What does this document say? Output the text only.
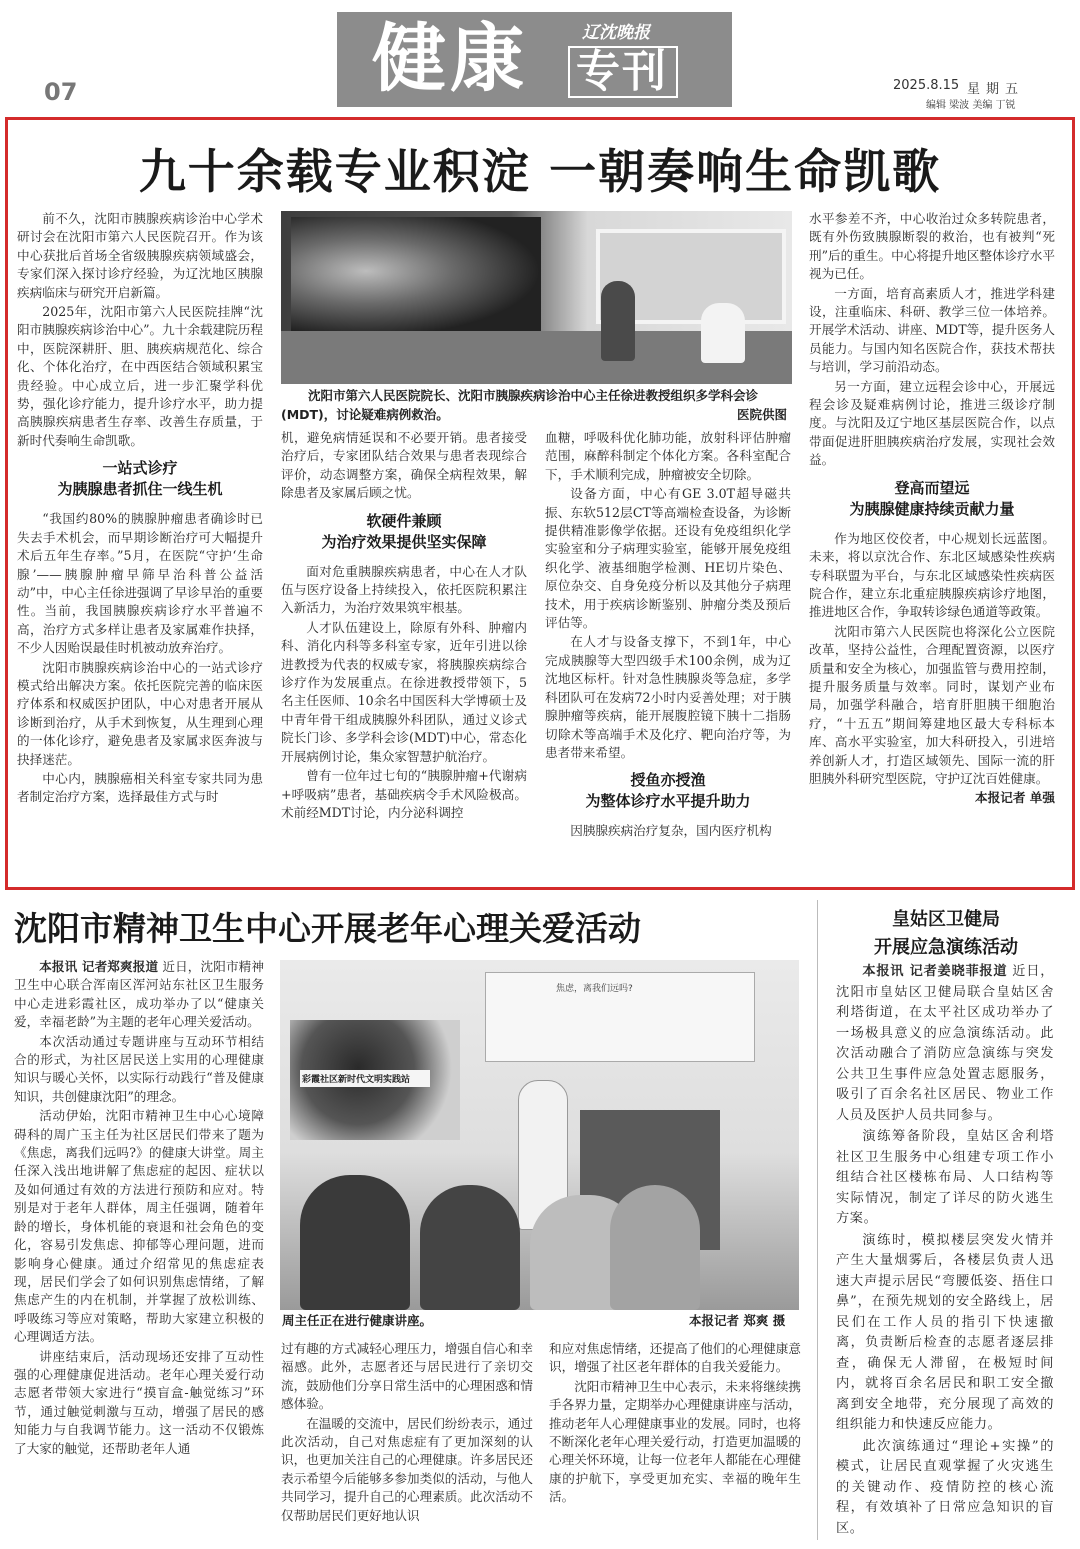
健康	辽沈晚报
专刊
07	2025.8.15 星期五
编辑 梁波 美编 丁锐
九十余载专业积淀 一朝奏响生命凯歌

前不久，沈阳市胰腺疾病诊治中心学术研讨会在沈阳市第六人民医院召开。作为该中心获批后首场全省级胰腺疾病领域盛会，专家们深入探讨诊疗经验，为辽沈地区胰腺疾病临床与研究开启新篇。

2025年，沈阳市第六人民医院挂牌“沈阳市胰腺疾病诊治中心”。九十余载建院历程中，医院深耕肝、胆、胰疾病规范化、综合化、个体化治疗，在中西医结合领域积累宝贵经验。中心成立后，进一步汇聚学科优势，强化诊疗能力，提升诊疗水平，助力提高胰腺疾病患者生存率、改善生存质量，于新时代奏响生命凯歌。

一站式诊疗
为胰腺患者抓住一线生机

“我国约80%的胰腺肿瘤患者确诊时已失去手术机会，而早期诊断治疗可大幅提升术后五年生存率。”5月，在医院“守护‘生命腺’——胰腺肿瘤早筛早治科普公益活动”中，中心主任徐进强调了早诊早治的重要性。当前，我国胰腺疾病诊疗水平普遍不高，治疗方式多样让患者及家属难作抉择，不少人因贻误最佳时机被动放弃治疗。

沈阳市胰腺疾病诊治中心的一站式诊疗模式给出解决方案。依托医院完善的临床医疗体系和权威医护团队，中心对患者开展从诊断到治疗，从手术到恢复，从生理到心理的一体化诊疗，避免患者及家属求医奔波与抉择迷茫。

中心内，胰腺癌相关科室专家共同为患者制定治疗方案，选择最佳方式与时

沈阳市第六人民医院院长、沈阳市胰腺疾病诊治中心主任徐进教授组织多学科会诊(MDT)，讨论疑难病例救治。	医院供图

机，避免病情延误和不必要开销。患者接受治疗后，专家团队结合效果与患者表现综合评价，动态调整方案，确保全病程效果，解除患者及家属后顾之忧。

软硬件兼顾
为治疗效果提供坚实保障

面对危重胰腺疾病患者，中心在人才队伍与医疗设备上持续投入，依托医院积累注入新活力，为治疗效果筑牢根基。

人才队伍建设上，除原有外科、肿瘤内科、消化内科等多科室专家，近年引进以徐进教授为代表的权威专家，将胰腺疾病综合诊疗作为发展重点。在徐进教授带领下，5名主任医师、10余名中国医科大学博硕士及中青年骨干组成胰腺外科团队，通过义诊式院长门诊、多学科会诊(MDT)中心，常态化开展病例讨论，集众家智慧护航治疗。

曾有一位年过七旬的“胰腺肿瘤+代谢病+呼吸病”患者，基础疾病令手术风险极高。术前经MDT讨论，内分泌科调控

血糖，呼吸科优化肺功能，放射科评估肿瘤范围，麻醉科制定个体化方案。各科室配合下，手术顺利完成，肿瘤被安全切除。

设备方面，中心有GE 3.0T超导磁共振、东软512层CT等高端检查设备，为诊断提供精准影像学依据。还设有免疫组织化学实验室和分子病理实验室，能够开展免疫组织化学、液基细胞学检测、HE切片染色、原位杂交、自身免疫分析以及其他分子病理技术，用于疾病诊断鉴别、肿瘤分类及预后评估等。

在人才与设备支撑下，不到1年，中心完成胰腺等大型四级手术100余例，成为辽沈地区标杆。针对急性胰腺炎等急症，多学科团队可在发病72小时内妥善处理；对于胰腺肿瘤等疾病，能开展腹腔镜下胰十二指肠切除术等高端手术及化疗、靶向治疗等，为患者带来希望。

授鱼亦授渔
为整体诊疗水平提升助力

因胰腺疾病治疗复杂，国内医疗机构

水平参差不齐，中心收治过众多转院患者，既有外伤致胰腺断裂的救治，也有被判“死刑”后的重生。中心将提升地区整体诊疗水平视为已任。

一方面，培育高素质人才，推进学科建设，注重临床、科研、教学三位一体培养。开展学术活动、讲座、MDT等，提升医务人员能力。与国内知名医院合作，获技术帮扶与培训，学习前沿动态。

另一方面，建立远程会诊中心，开展远程会诊及疑难病例讨论，推进三级诊疗制度。与沈阳及辽宁地区基层医院合作，以点带面促进肝胆胰疾病治疗发展，实现社会效益。

登高而望远
为胰腺健康持续贡献力量

作为地区佼佼者，中心规划长远蓝图。未来，将以京沈合作、东北区域感染性疾病专科联盟为平台，与东北区域感染性疾病医院合作，建立东北重症胰腺疾病诊疗地图，推进地区合作，争取转诊绿色通道等政策。

沈阳市第六人民医院也将深化公立医院改革，坚持公益性，合理配置资源，以医疗质量和安全为核心，加强监管与费用控制，提升服务质量与效率。同时，谋划产业布局，加强学科融合，培育肝胆胰干细胞治疗，“十五五”期间筹建地区最大专科标本库、高水平实验室，加大科研投入，引进培养创新人才，打造区域领先、国际一流的肝胆胰外科研究型医院，守护辽沈百姓健康。

本报记者 单强
沈阳市精神卫生中心开展老年心理关爱活动

本报讯 记者郑爽报道 近日，沈阳市精神卫生中心联合浑南区浑河站东社区卫生服务中心走进彩霞社区，成功举办了以“健康关爱，幸福老龄”为主题的老年心理关爱活动。

本次活动通过专题讲座与互动环节相结合的形式，为社区居民送上实用的心理健康知识与暖心关怀，以实际行动践行“普及健康知识，共创健康沈阳”的理念。

活动伊始，沈阳市精神卫生中心心境障碍科的周广玉主任为社区居民们带来了题为《焦虑，离我们远吗?》的健康大讲堂。周主任深入浅出地讲解了焦虑症的起因、症状以及如何通过有效的方法进行预防和应对。特别是对于老年人群体，周主任强调，随着年龄的增长，身体机能的衰退和社会角色的变化，容易引发焦虑、抑郁等心理问题，进而影响身心健康。通过介绍常见的焦虑症表现，居民们学会了如何识别焦虑情绪，了解焦虑产生的内在机制，并掌握了放松训练、呼吸练习等应对策略，帮助大家建立积极的心理调适方法。

讲座结束后，活动现场还安排了互动性强的心理健康促进活动。老年心理关爱行动志愿者带领大家进行“摸盲盒-触觉练习”环节，通过触觉刺激与互动，增强了居民的感知能力与自我调节能力。这一活动不仅锻炼了大家的触觉，还帮助老年人通

彩霞社区新时代文明实践站
焦虑，离我们远吗?
周主任正在进行健康讲座。	本报记者 郑爽 摄

过有趣的方式减轻心理压力，增强自信心和幸福感。此外，志愿者还与居民进行了亲切交流，鼓励他们分享日常生活中的心理困惑和情感体验。

在温暖的交流中，居民们纷纷表示，通过此次活动，自己对焦虑症有了更加深刻的认识，也更加关注自己的心理健康。许多居民还表示希望今后能够多参加类似的活动，与他人共同学习，提升自己的心理素质。此次活动不仅帮助居民们更好地认识

和应对焦虑情绪，还提高了他们的心理健康意识，增强了社区老年群体的自我关爱能力。

沈阳市精神卫生中心表示，未来将继续携手各界力量，定期举办心理健康讲座与活动，推动老年人心理健康事业的发展。同时，也将不断深化老年心理关爱行动，打造更加温暖的心理关怀环境，让每一位老年人都能在心理健康的护航下，享受更加充实、幸福的晚年生活。

皇姑区卫健局
开展应急演练活动

本报讯 记者姜晓菲报道 近日，沈阳市皇姑区卫健局联合皇姑区舍利塔街道，在太平社区成功举办了一场极具意义的应急演练活动。此次活动融合了消防应急演练与突发公共卫生事件应急处置志愿服务，吸引了百余名社区居民、物业工作人员及医护人员共同参与。

演练筹备阶段，皇姑区舍利塔社区卫生服务中心组建专项工作小组结合社区楼栋布局、人口结构等实际情况，制定了详尽的防火逃生方案。

演练时，模拟楼层突发火情并产生大量烟雾后，各楼层负责人迅速大声提示居民“弯腰低姿、捂住口鼻”，在预先规划的安全路线上，居民们在工作人员的指引下快速撤离，负责断后检查的志愿者逐层排查，确保无人滞留，在极短时间内，就将百余名居民和职工安全撤离到安全地带，充分展现了高效的组织能力和快速反应能力。

此次演练通过“理论+实操”的模式，让居民直观掌握了火灾逃生的关键动作、疫情防控的核心流程，有效填补了日常应急知识的盲区。
